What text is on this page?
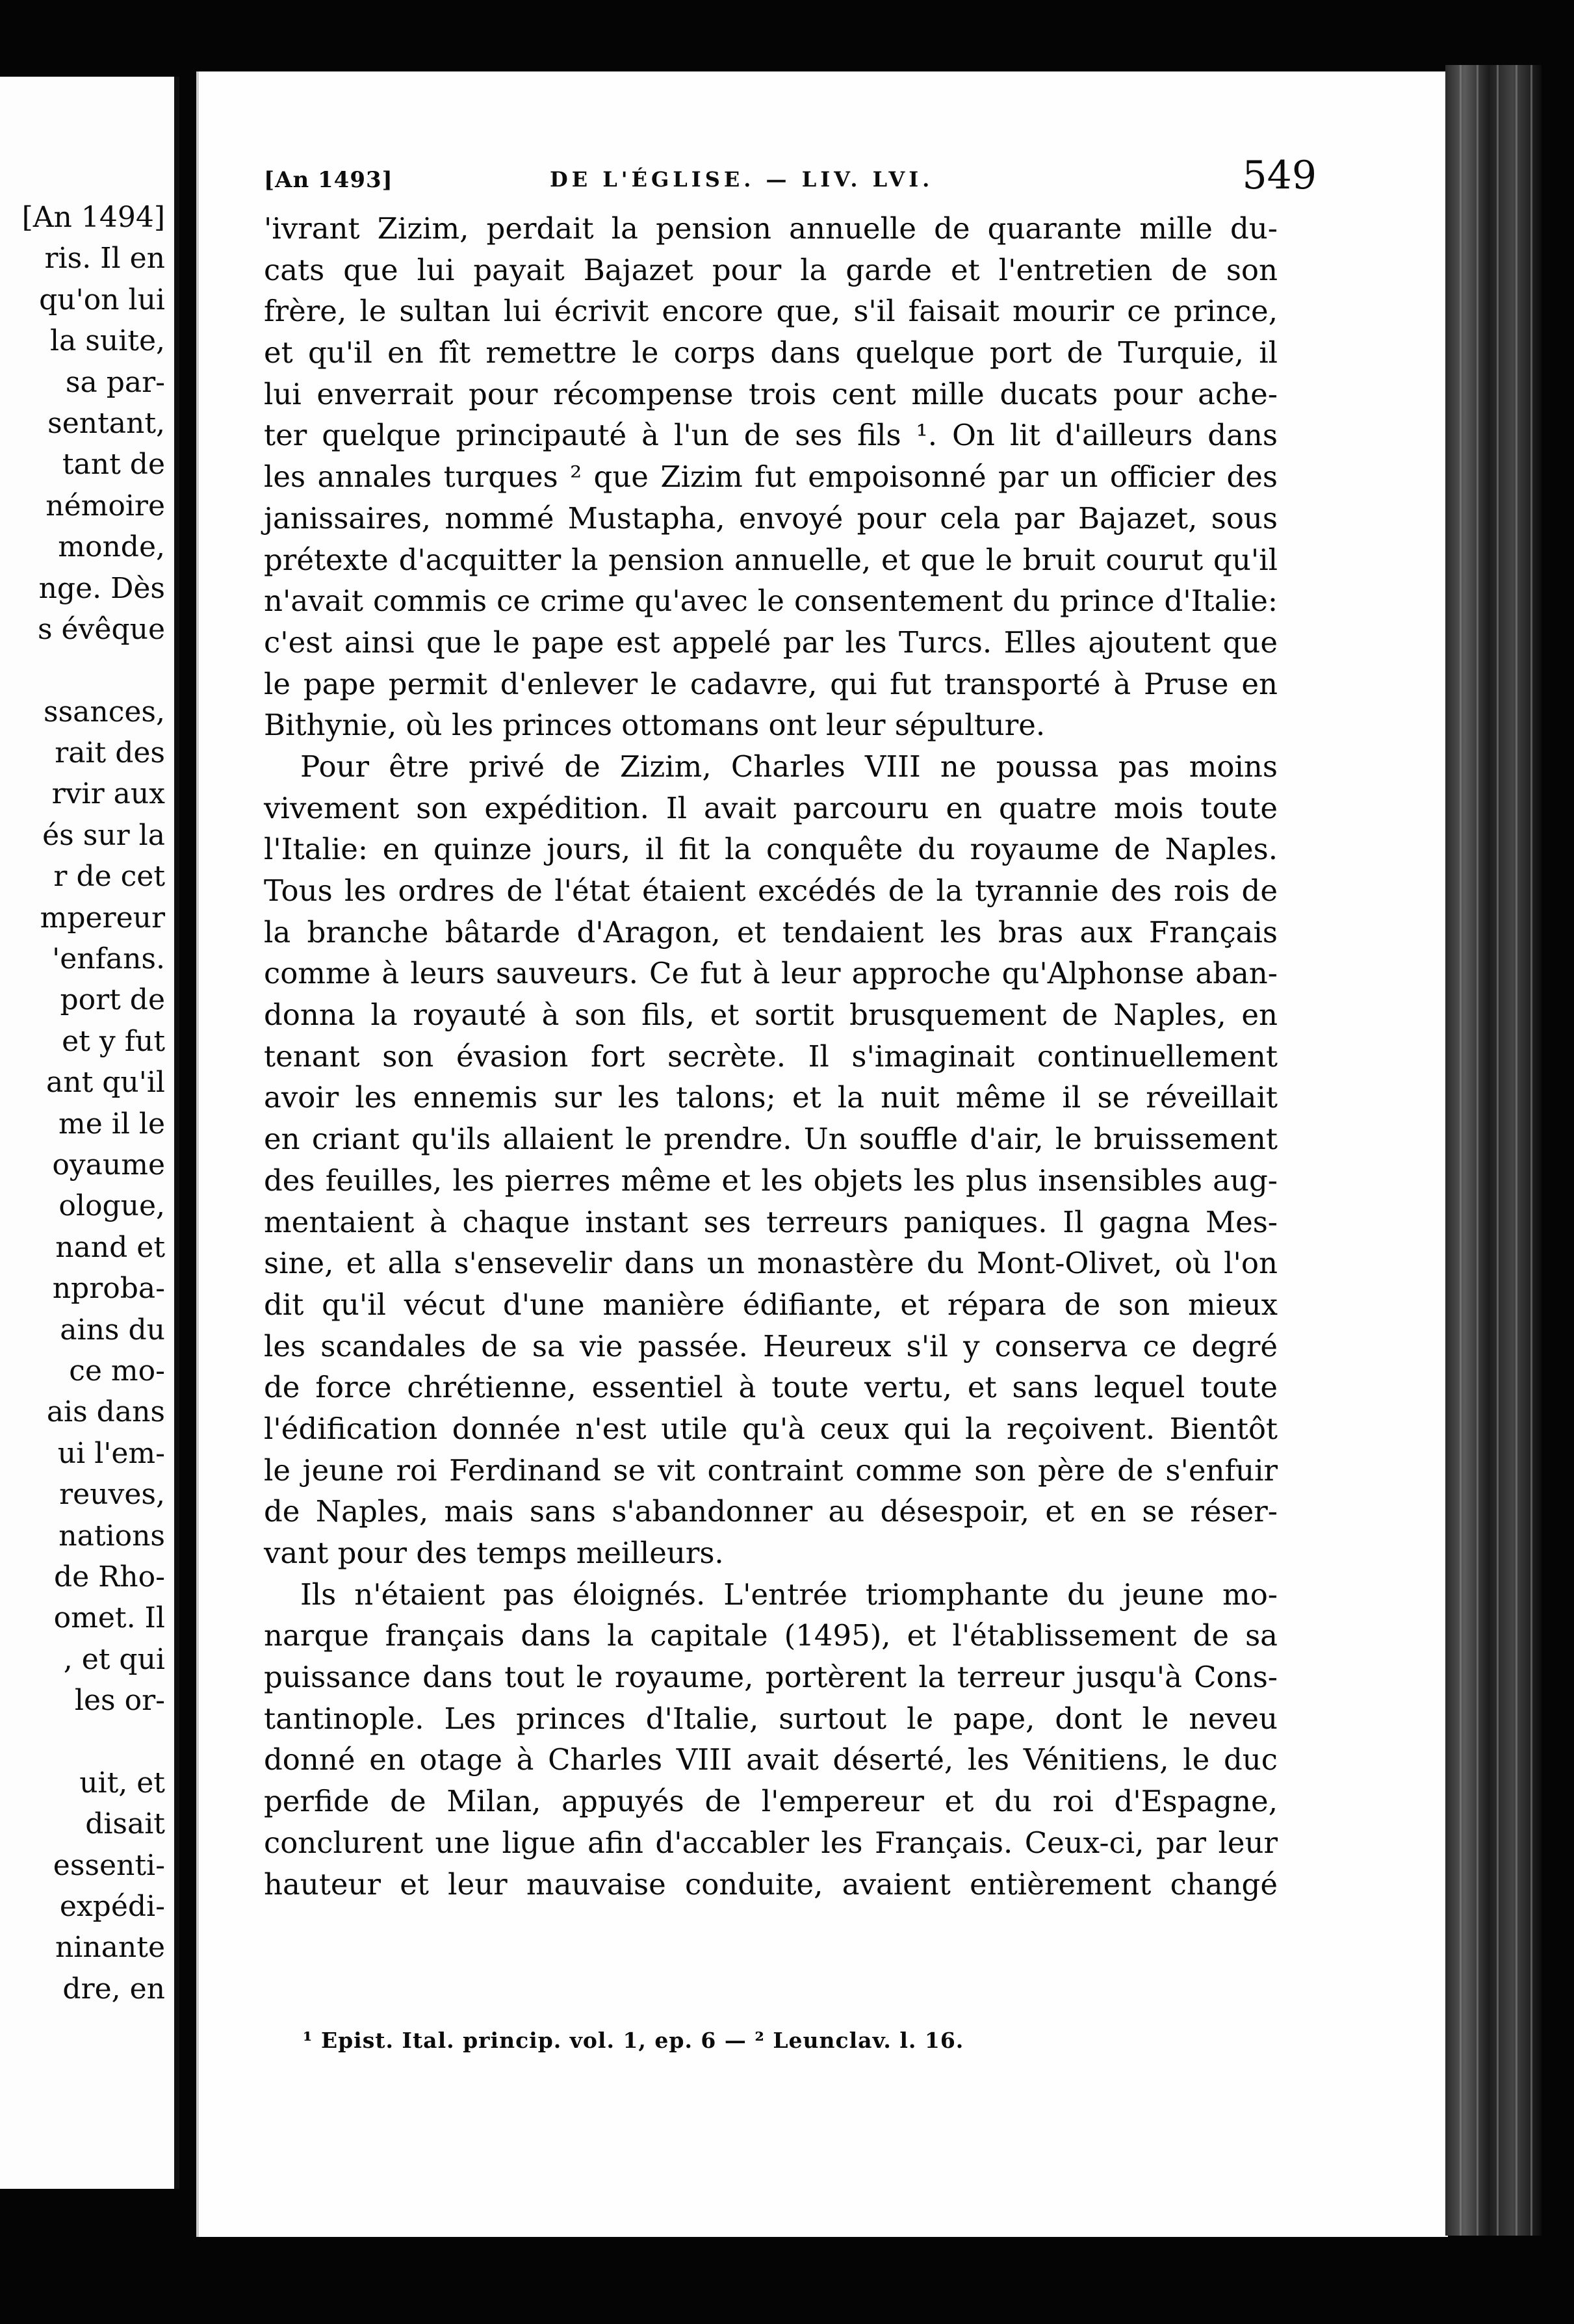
[An 1494]
ris. Il en
qu'on lui
la suite,
sa par-
sentant,
tant de
némoire
monde,
nge. Dès
s évêque
ssances,
rait des
rvir aux
és sur la
r de cet
mpereur
'enfans.
port de
et y fut
ant qu'il
me il le
oyaume
ologue,
nand et
nproba-
ains du
ce mo-
ais dans
ui l'em-
reuves,
nations
de Rho-
omet. Il
, et qui
les or-
uit, et
disait
essenti-
expédi-
ninante
dre, en
[An 1493]	DE L'ÉGLISE. — LIV. LVI.	549
'ivrant Zizim, perdait la pension annuelle de quarante mille du-
cats que lui payait Bajazet pour la garde et l'entretien de son
frère, le sultan lui écrivit encore que, s'il faisait mourir ce prince,
et qu'il en fît remettre le corps dans quelque port de Turquie, il
lui enverrait pour récompense trois cent mille ducats pour ache-
ter quelque principauté à l'un de ses fils ¹. On lit d'ailleurs dans
les annales turques ² que Zizim fut empoisonné par un officier des
janissaires, nommé Mustapha, envoyé pour cela par Bajazet, sous
prétexte d'acquitter la pension annuelle, et que le bruit courut qu'il
n'avait commis ce crime qu'avec le consentement du prince d'Italie:
c'est ainsi que le pape est appelé par les Turcs. Elles ajoutent que
le pape permit d'enlever le cadavre, qui fut transporté à Pruse en
Bithynie, où les princes ottomans ont leur sépulture.
Pour être privé de Zizim, Charles VIII ne poussa pas moins
vivement son expédition. Il avait parcouru en quatre mois toute
l'Italie: en quinze jours, il fit la conquête du royaume de Naples.
Tous les ordres de l'état étaient excédés de la tyrannie des rois de
la branche bâtarde d'Aragon, et tendaient les bras aux Français
comme à leurs sauveurs. Ce fut à leur approche qu'Alphonse aban-
donna la royauté à son fils, et sortit brusquement de Naples, en
tenant son évasion fort secrète. Il s'imaginait continuellement
avoir les ennemis sur les talons; et la nuit même il se réveillait
en criant qu'ils allaient le prendre. Un souffle d'air, le bruissement
des feuilles, les pierres même et les objets les plus insensibles aug-
mentaient à chaque instant ses terreurs paniques. Il gagna Mes-
sine, et alla s'ensevelir dans un monastère du Mont-Olivet, où l'on
dit qu'il vécut d'une manière édifiante, et répara de son mieux
les scandales de sa vie passée. Heureux s'il y conserva ce degré
de force chrétienne, essentiel à toute vertu, et sans lequel toute
l'édification donnée n'est utile qu'à ceux qui la reçoivent. Bientôt
le jeune roi Ferdinand se vit contraint comme son père de s'enfuir
de Naples, mais sans s'abandonner au désespoir, et en se réser-
vant pour des temps meilleurs.
Ils n'étaient pas éloignés. L'entrée triomphante du jeune mo-
narque français dans la capitale (1495), et l'établissement de sa
puissance dans tout le royaume, portèrent la terreur jusqu'à Cons-
tantinople. Les princes d'Italie, surtout le pape, dont le neveu
donné en otage à Charles VIII avait déserté, les Vénitiens, le duc
perfide de Milan, appuyés de l'empereur et du roi d'Espagne,
conclurent une ligue afin d'accabler les Français. Ceux-ci, par leur
hauteur et leur mauvaise conduite, avaient entièrement changé
¹ Epist. Ital. princip. vol. 1, ep. 6 — ² Leunclav. l. 16.
